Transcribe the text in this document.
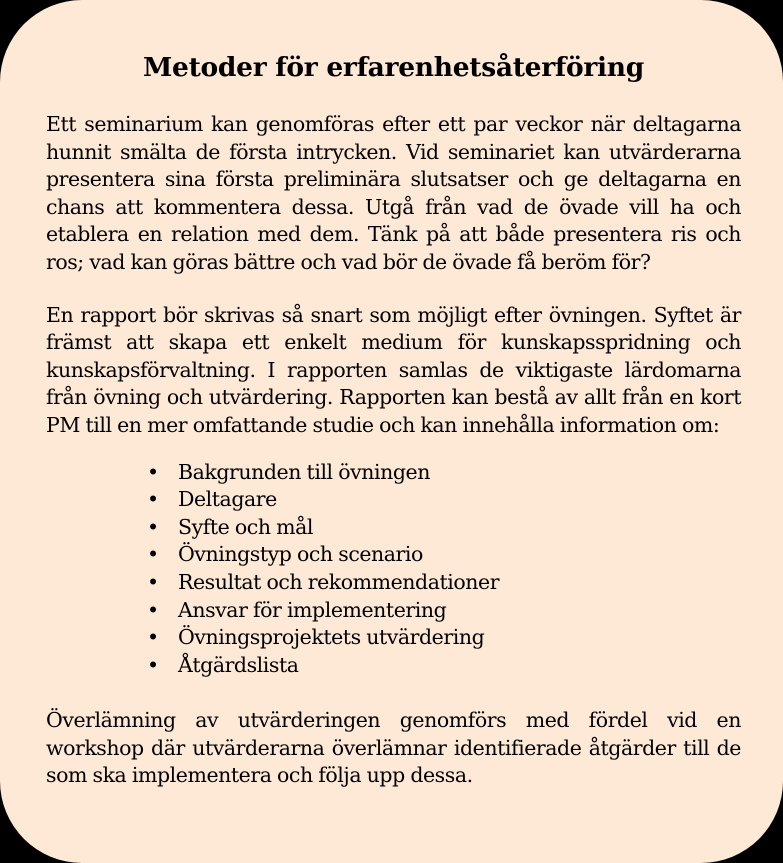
Metoder för erfarenhetsåterföring

Ett seminarium kan genomföras efter ett par veckor när deltagarna hunnit smälta de första intrycken. Vid seminariet kan utvärderarna presentera sina första preliminära slutsatser och ge deltagarna en chans att kommentera dessa. Utgå från vad de övade vill ha och etablera en relation med dem. Tänk på att både presentera ris och ros; vad kan göras bättre och vad bör de övade få beröm för?

En rapport bör skrivas så snart som möjligt efter övningen. Syftet är främst att skapa ett enkelt medium för kunskapsspridning och kunskapsförvaltning. I rapporten samlas de viktigaste lärdomarna från övning och utvärdering. Rapporten kan bestå av allt från en kort PM till en mer omfattande studie och kan innehålla information om:

• Bakgrunden till övningen
• Deltagare
• Syfte och mål
• Övningstyp och scenario
• Resultat och rekommendationer
• Ansvar för implementering
• Övningsprojektets utvärdering
• Åtgärdslista

Överlämning av utvärderingen genomförs med fördel vid en workshop där utvärderarna överlämnar identifierade åtgärder till de som ska implementera och följa upp dessa.
